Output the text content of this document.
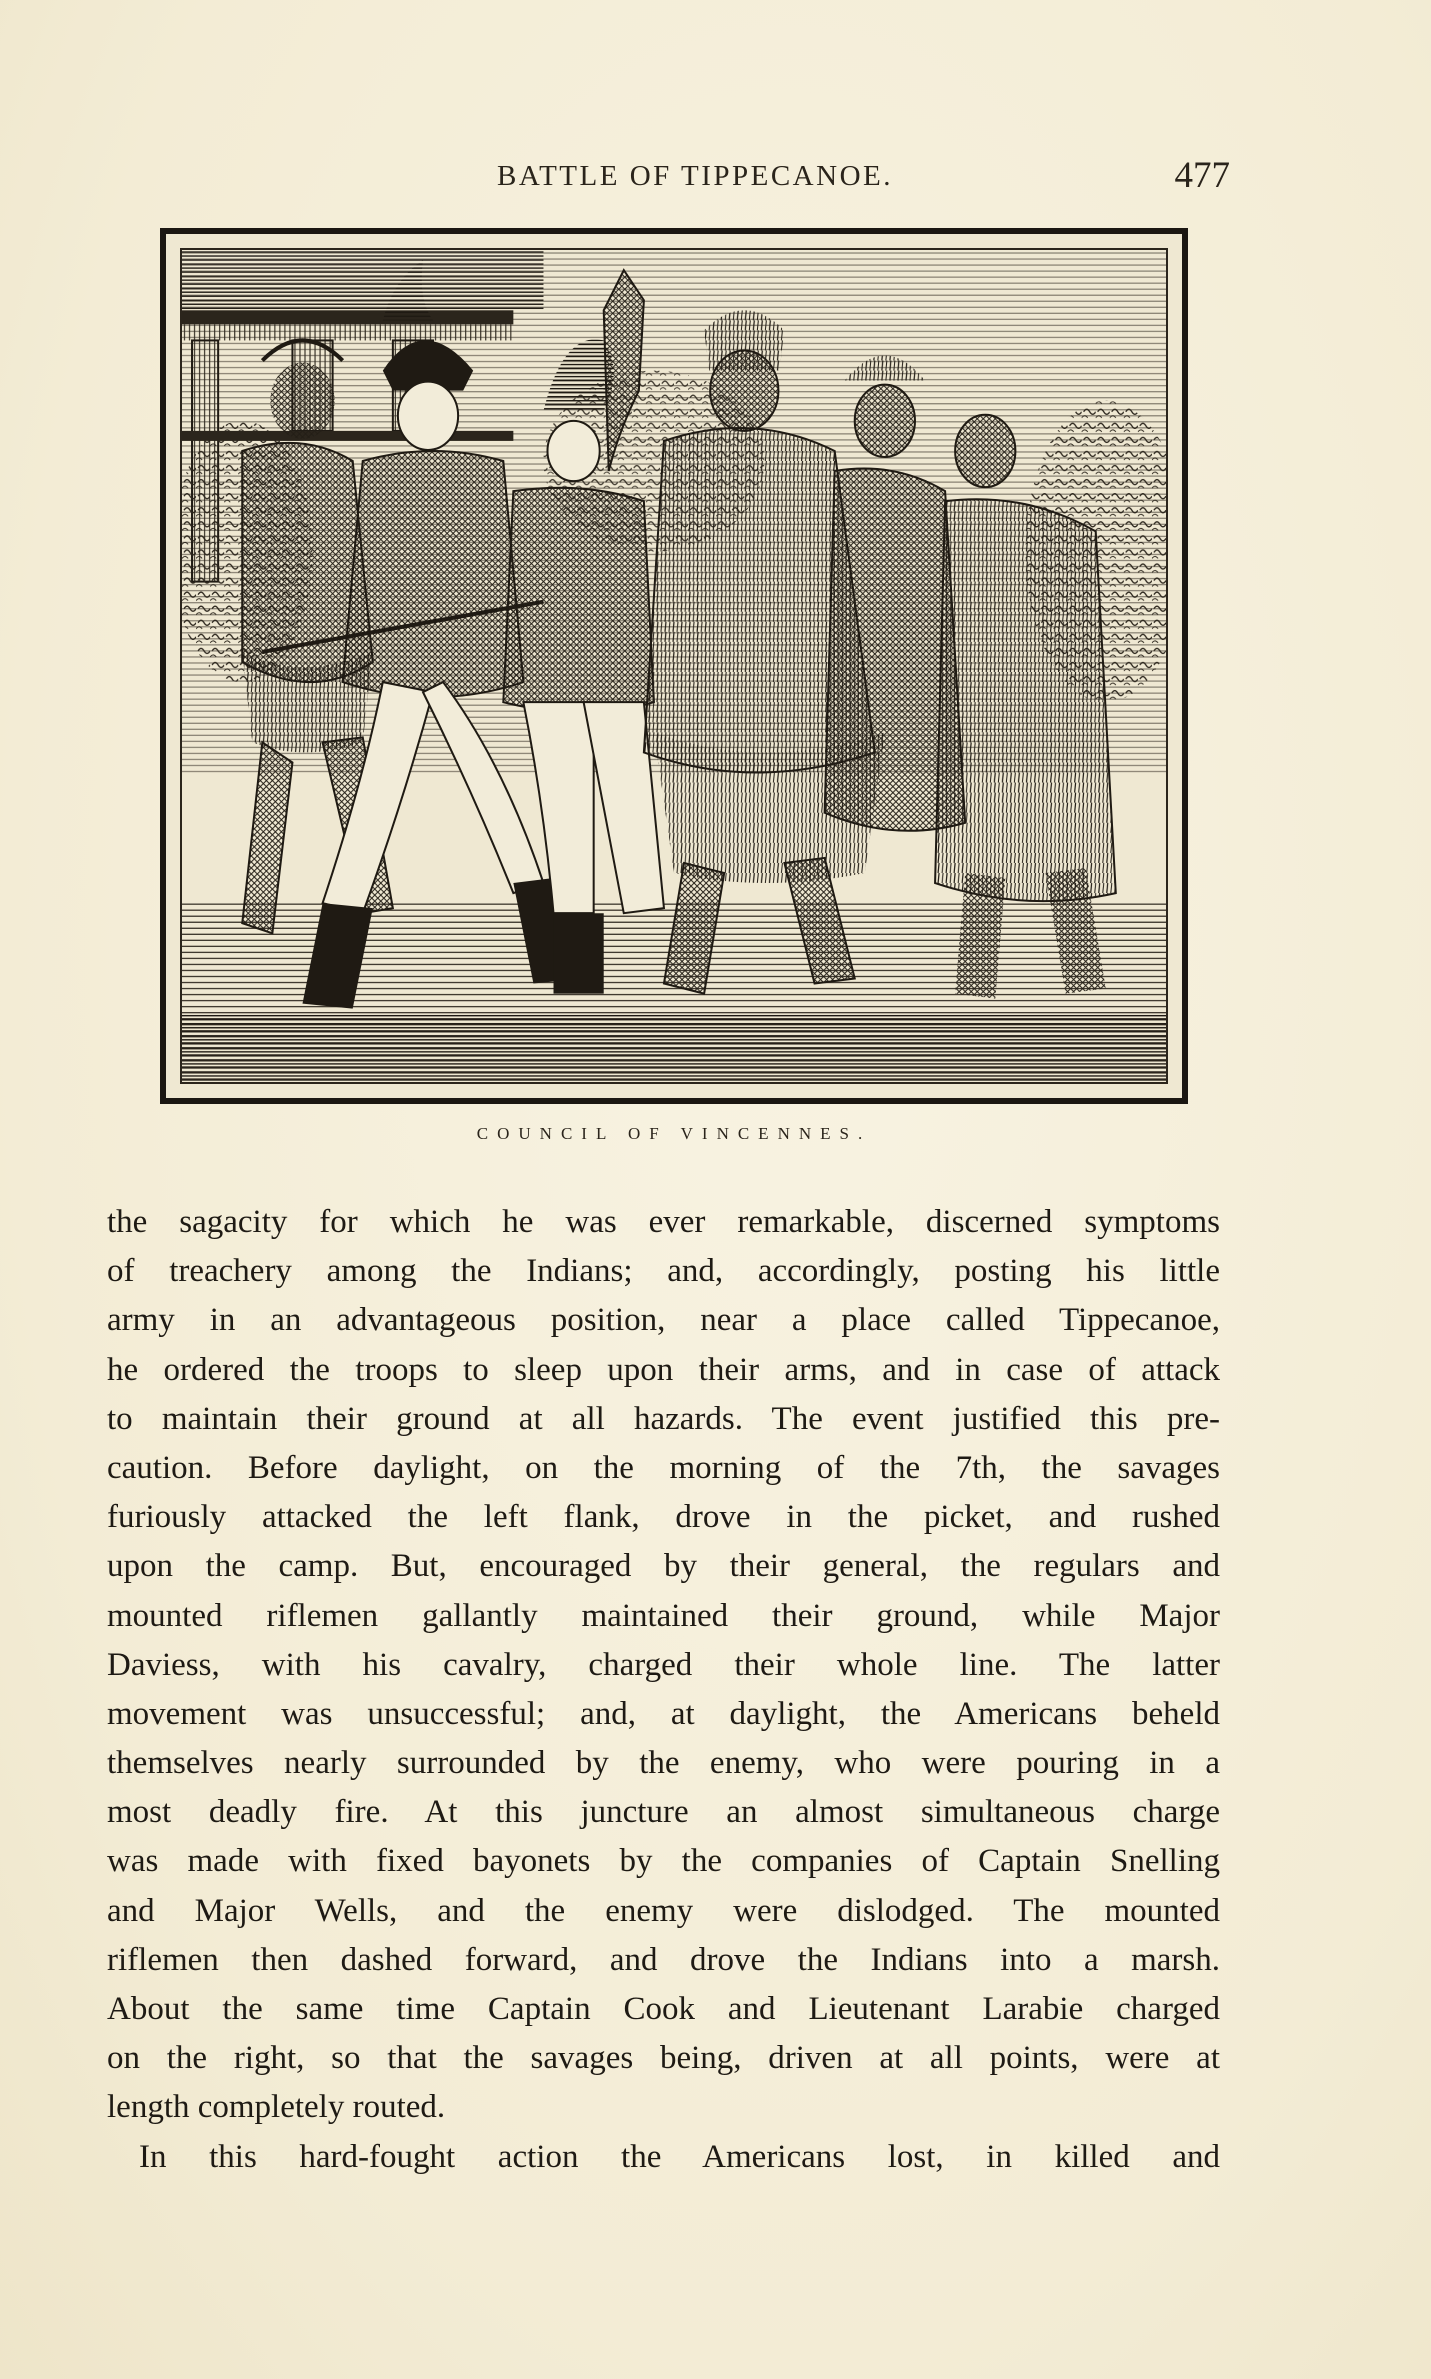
BATTLE OF TIPPECANOE.	477
COUNCIL OF VINCENNES.
the sagacity for which he was ever remarkable, discerned symptoms
of treachery among the Indians; and, accordingly, posting his little
army in an advantageous position, near a place called Tippecanoe,
he ordered the troops to sleep upon their arms, and in case of attack
to maintain their ground at all hazards. The event justified this pre-
caution. Before daylight, on the morning of the 7th, the savages
furiously attacked the left flank, drove in the picket, and rushed
upon the camp. But, encouraged by their general, the regulars and
mounted riflemen gallantly maintained their ground, while Major
Daviess, with his cavalry, charged their whole line. The latter
movement was unsuccessful; and, at daylight, the Americans beheld
themselves nearly surrounded by the enemy, who were pouring in a
most deadly fire. At this juncture an almost simultaneous charge
was made with fixed bayonets by the companies of Captain Snelling
and Major Wells, and the enemy were dislodged. The mounted
riflemen then dashed forward, and drove the Indians into a marsh.
About the same time Captain Cook and Lieutenant Larabie charged
on the right, so that the savages being, driven at all points, were at
length completely routed.
In this hard-fought action the Americans lost, in killed and
